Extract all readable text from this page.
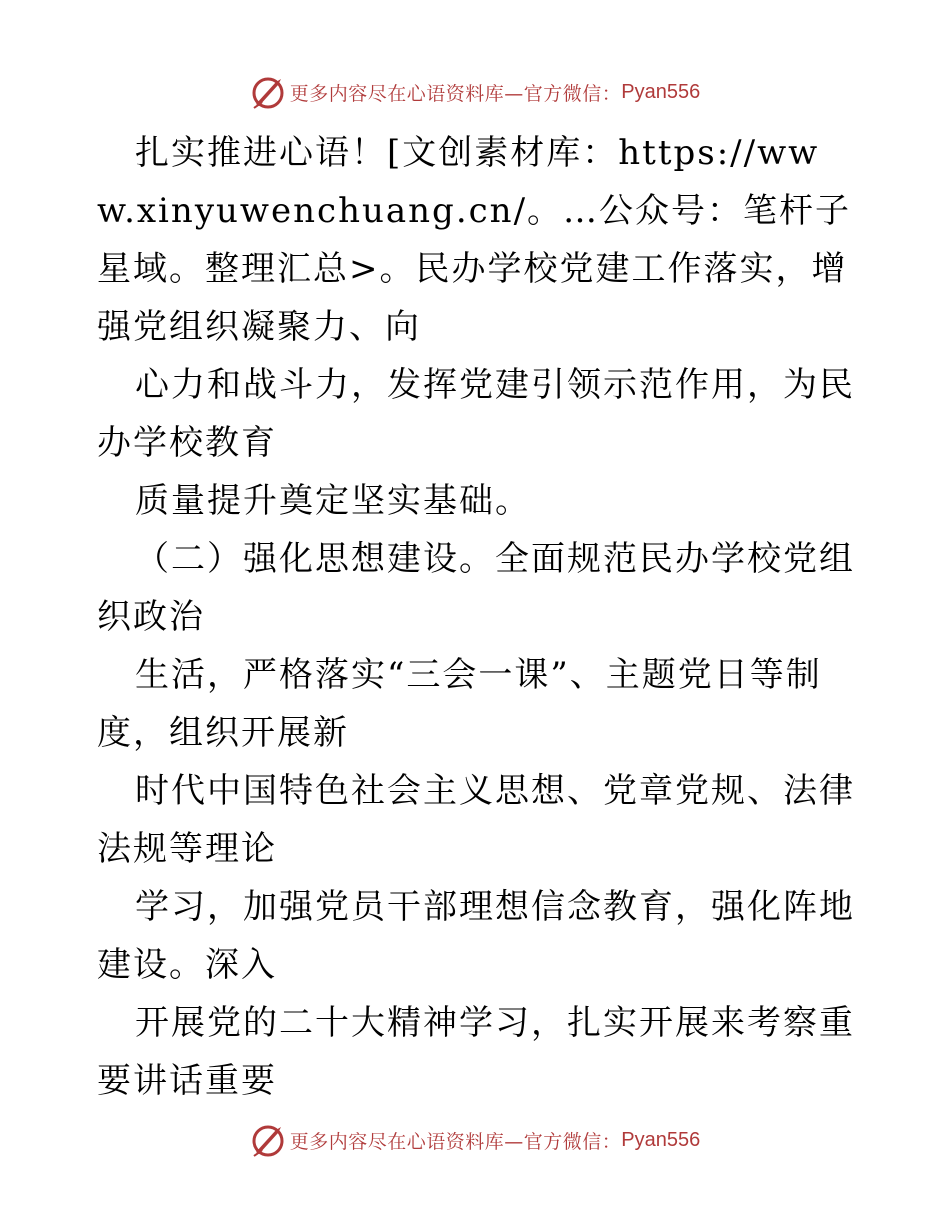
更多内容尽在心语资料库—官方微信： Pyan556

扎实推进心语！[文创素材库：https://www.xinyuwenchuang.cn/。…公众号：笔杆子星域。整理汇总>。民办学校党建工作落实，增强党组织凝聚力、向

心力和战斗力，发挥党建引领示范作用，为民办学校教育

质量提升奠定坚实基础。

（二）强化思想建设。全面规范民办学校党组织政治

生活，严格落实“三会一课”、主题党日等制度，组织开展新

时代中国特色社会主义思想、党章党规、法律法规等理论

学习，加强党员干部理想信念教育，强化阵地建设。深入

开展党的二十大精神学习，扎实开展来考察重要讲话重要

更多内容尽在心语资料库—官方微信： Pyan556
